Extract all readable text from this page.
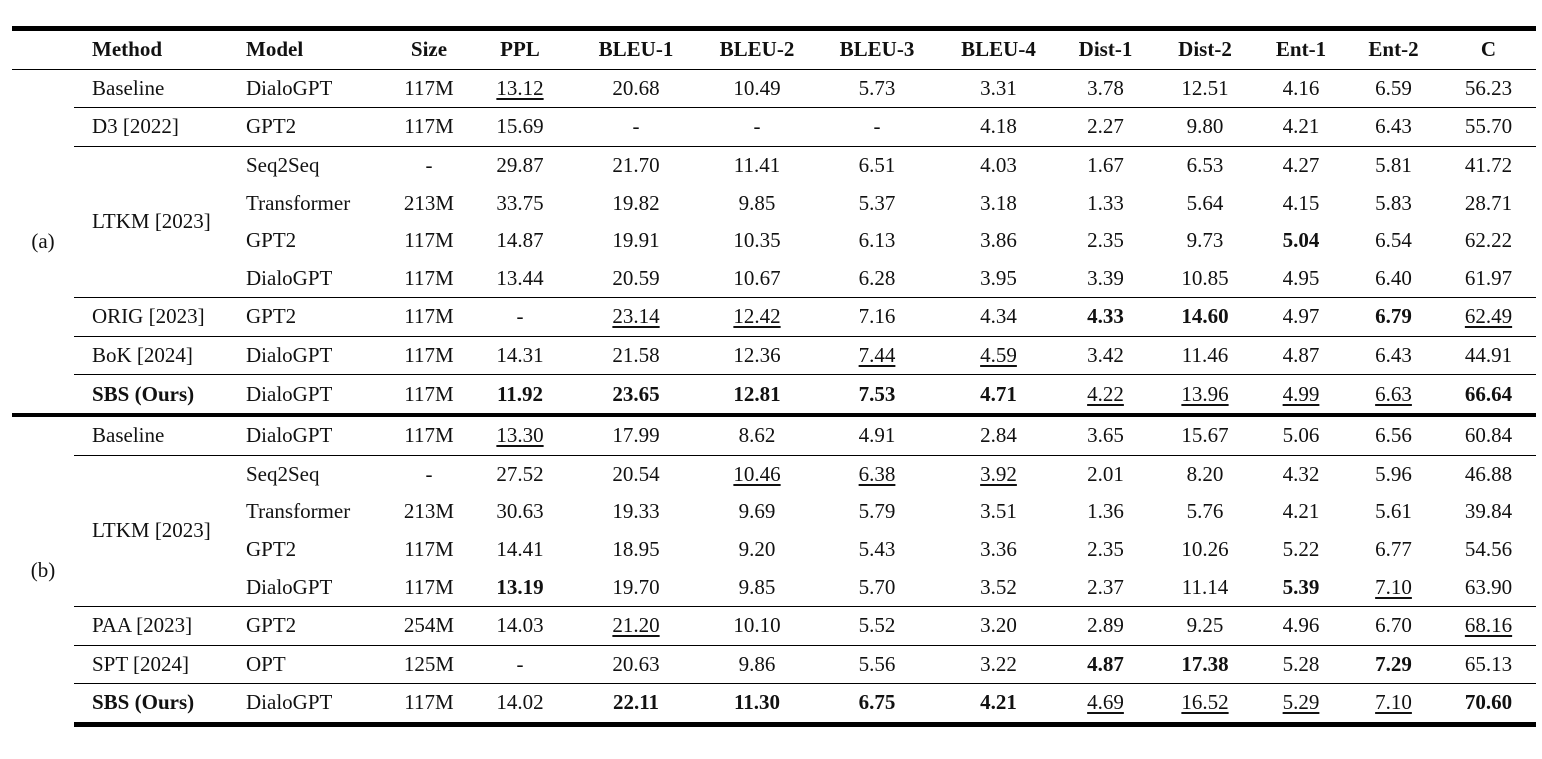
	Method	Model	Size	PPL	BLEU-1	BLEU-2	BLEU-3	BLEU-4	Dist-1	Dist-2	Ent-1	Ent-2	C
(a)	Baseline	DialoGPT	117M	13.12	20.68	10.49	5.73	3.31	3.78	12.51	4.16	6.59	56.23
	D3 [2022]	GPT2	117M	15.69	-	-	-	4.18	2.27	9.80	4.21	6.43	55.70
	LTKM [2023]	Seq2Seq	-	29.87	21.70	11.41	6.51	4.03	1.67	6.53	4.27	5.81	41.72
		Transformer	213M	33.75	19.82	9.85	5.37	3.18	1.33	5.64	4.15	5.83	28.71
		GPT2	117M	14.87	19.91	10.35	6.13	3.86	2.35	9.73	5.04	6.54	62.22
		DialoGPT	117M	13.44	20.59	10.67	6.28	3.95	3.39	10.85	4.95	6.40	61.97
	ORIG [2023]	GPT2	117M	-	23.14	12.42	7.16	4.34	4.33	14.60	4.97	6.79	62.49
	BoK [2024]	DialoGPT	117M	14.31	21.58	12.36	7.44	4.59	3.42	11.46	4.87	6.43	44.91
	SBS (Ours)	DialoGPT	117M	11.92	23.65	12.81	7.53	4.71	4.22	13.96	4.99	6.63	66.64
(b)	Baseline	DialoGPT	117M	13.30	17.99	8.62	4.91	2.84	3.65	15.67	5.06	6.56	60.84
	LTKM [2023]	Seq2Seq	-	27.52	20.54	10.46	6.38	3.92	2.01	8.20	4.32	5.96	46.88
		Transformer	213M	30.63	19.33	9.69	5.79	3.51	1.36	5.76	4.21	5.61	39.84
		GPT2	117M	14.41	18.95	9.20	5.43	3.36	2.35	10.26	5.22	6.77	54.56
		DialoGPT	117M	13.19	19.70	9.85	5.70	3.52	2.37	11.14	5.39	7.10	63.90
	PAA [2023]	GPT2	254M	14.03	21.20	10.10	5.52	3.20	2.89	9.25	4.96	6.70	68.16
	SPT [2024]	OPT	125M	-	20.63	9.86	5.56	3.22	4.87	17.38	5.28	7.29	65.13
	SBS (Ours)	DialoGPT	117M	14.02	22.11	11.30	6.75	4.21	4.69	16.52	5.29	7.10	70.60
